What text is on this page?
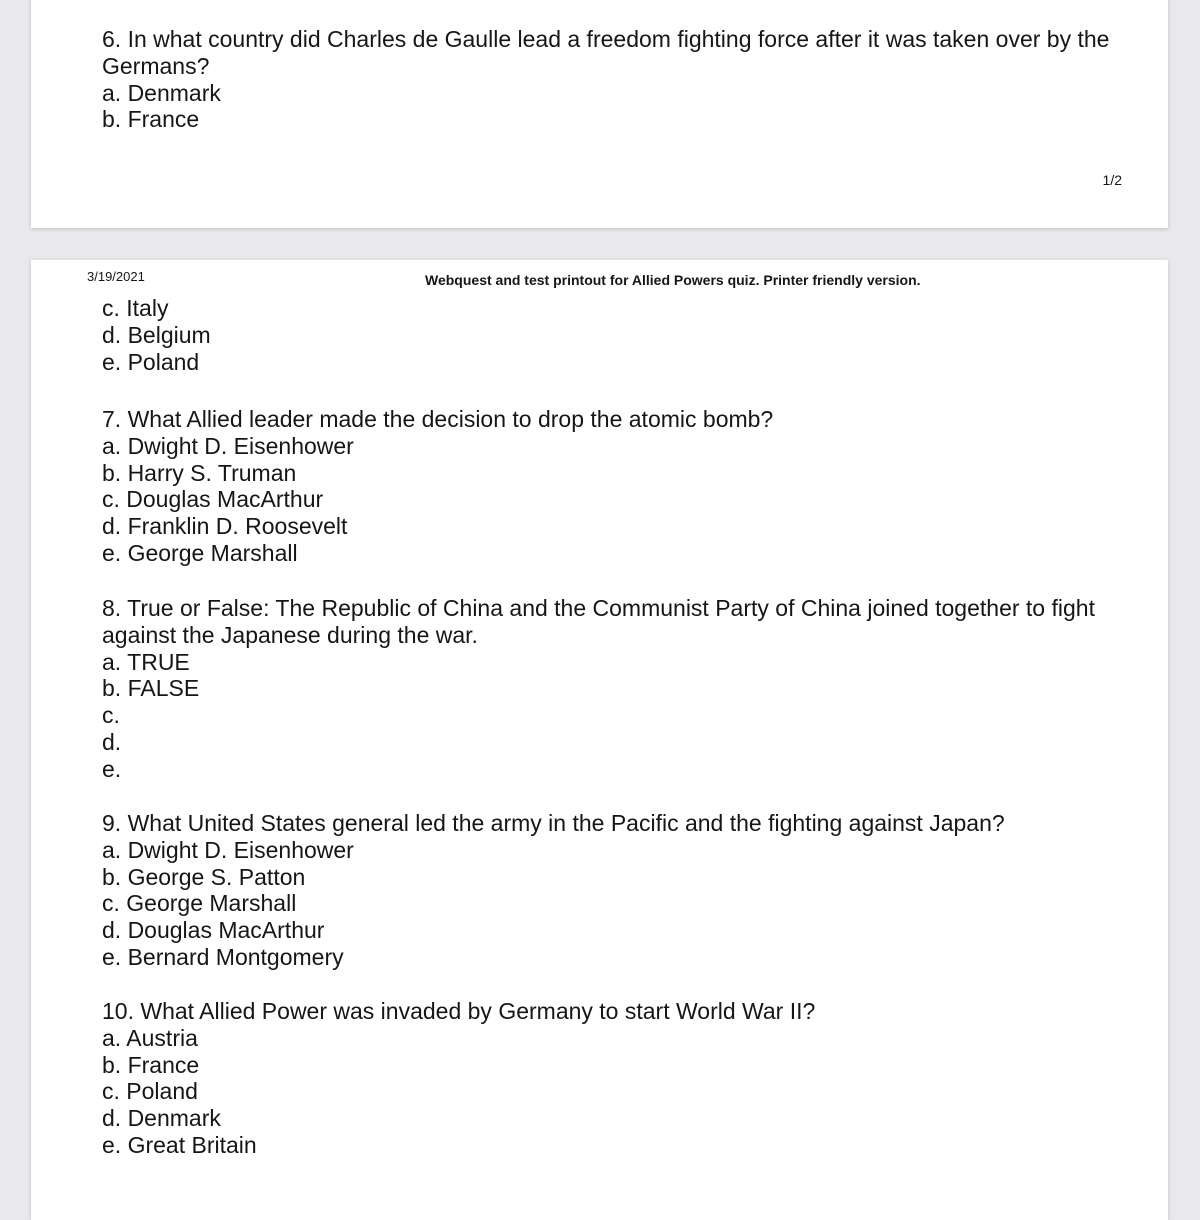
6. In what country did Charles de Gaulle lead a freedom fighting force after it was taken over by the Germans?

a. Denmark

b. France

1/2
3/19/2021	Webquest and test printout for Allied Powers quiz. Printer friendly version.

c. Italy

d. Belgium

e. Poland

7. What Allied leader made the decision to drop the atomic bomb?

a. Dwight D. Eisenhower

b. Harry S. Truman

c. Douglas MacArthur

d. Franklin D. Roosevelt

e. George Marshall

8. True or False: The Republic of China and the Communist Party of China joined together to fight against the Japanese during the war.

a. TRUE

b. FALSE

c.

d.

e.

9. What United States general led the army in the Pacific and the fighting against Japan?

a. Dwight D. Eisenhower

b. George S. Patton

c. George Marshall

d. Douglas MacArthur

e. Bernard Montgomery

10. What Allied Power was invaded by Germany to start World War II?

a. Austria

b. France

c. Poland

d. Denmark

e. Great Britain
